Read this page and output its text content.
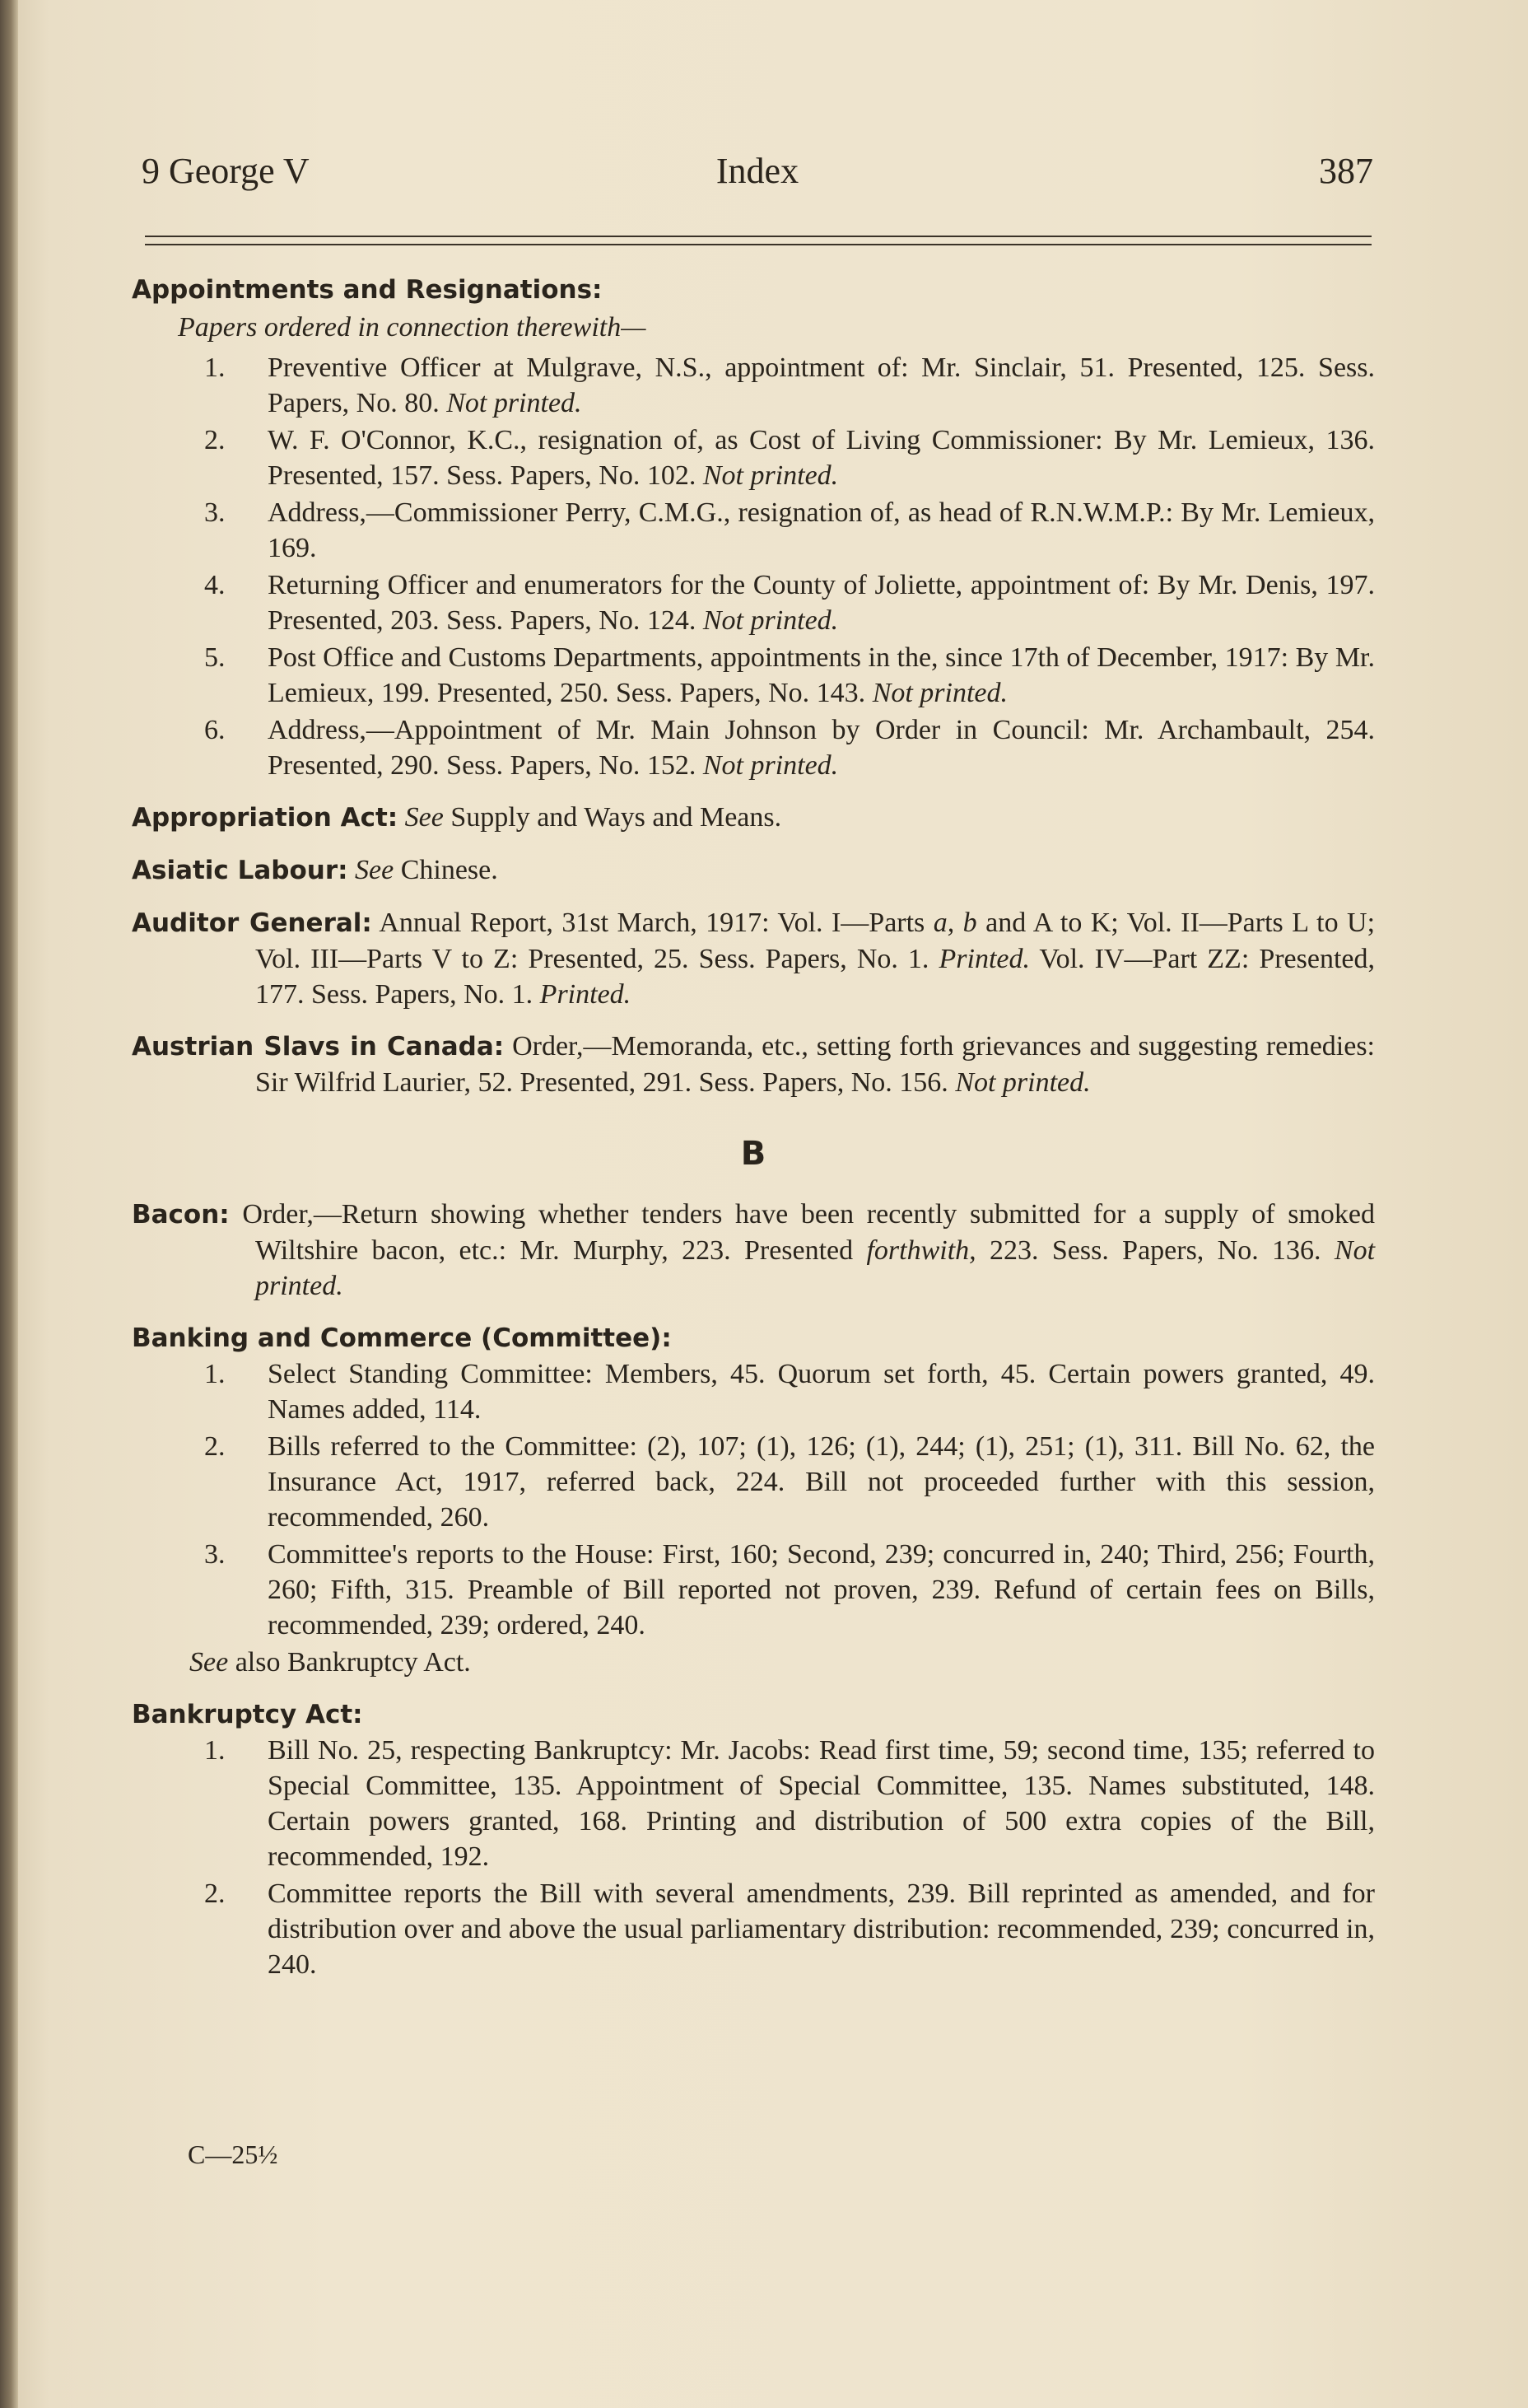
9 George V	Index	387
Appointments and Resignations:
Papers ordered in connection therewith—
1. Preventive Officer at Mulgrave, N.S., appointment of: Mr. Sinclair, 51. Presented, 125. Sess. Papers, No. 80. Not printed.
2. W. F. O'Connor, K.C., resignation of, as Cost of Living Commissioner: By Mr. Lemieux, 136. Presented, 157. Sess. Papers, No. 102. Not printed.
3. Address,—Commissioner Perry, C.M.G., resignation of, as head of R.N.W.M.P.: By Mr. Lemieux, 169.
4. Returning Officer and enumerators for the County of Joliette, appointment of: By Mr. Denis, 197. Presented, 203. Sess. Papers, No. 124. Not printed.
5. Post Office and Customs Departments, appointments in the, since 17th of December, 1917: By Mr. Lemieux, 199. Presented, 250. Sess. Papers, No. 143. Not printed.
6. Address,—Appointment of Mr. Main Johnson by Order in Council: Mr. Archambault, 254. Presented, 290. Sess. Papers, No. 152. Not printed.
Appropriation Act: See Supply and Ways and Means.
Asiatic Labour: See Chinese.
Auditor General: Annual Report, 31st March, 1917: Vol. I—Parts a, b and A to K; Vol. II—Parts L to U; Vol. III—Parts V to Z: Presented, 25. Sess. Papers, No. 1. Printed. Vol. IV—Part ZZ: Presented, 177. Sess. Papers, No. 1. Printed.
Austrian Slavs in Canada: Order,—Memoranda, etc., setting forth grievances and suggesting remedies: Sir Wilfrid Laurier, 52. Presented, 291. Sess. Papers, No. 156. Not printed.
B
Bacon: Order,—Return showing whether tenders have been recently submitted for a supply of smoked Wiltshire bacon, etc.: Mr. Murphy, 223. Presented forthwith, 223. Sess. Papers, No. 136. Not printed.
Banking and Commerce (Committee):
1. Select Standing Committee: Members, 45. Quorum set forth, 45. Certain powers granted, 49. Names added, 114.
2. Bills referred to the Committee: (2), 107; (1), 126; (1), 244; (1), 251; (1), 311. Bill No. 62, the Insurance Act, 1917, referred back, 224. Bill not proceeded further with this session, recommended, 260.
3. Committee's reports to the House: First, 160; Second, 239; concurred in, 240; Third, 256; Fourth, 260; Fifth, 315. Preamble of Bill reported not proven, 239. Refund of certain fees on Bills, recommended, 239; ordered, 240.
See also Bankruptcy Act.
Bankruptcy Act:
1. Bill No. 25, respecting Bankruptcy: Mr. Jacobs: Read first time, 59; second time, 135; referred to Special Committee, 135. Appointment of Special Committee, 135. Names substituted, 148. Certain powers granted, 168. Printing and distribution of 500 extra copies of the Bill, recommended, 192.
2. Committee reports the Bill with several amendments, 239. Bill reprinted as amended, and for distribution over and above the usual parliamentary distribution: recommended, 239; concurred in, 240.
C—25½
